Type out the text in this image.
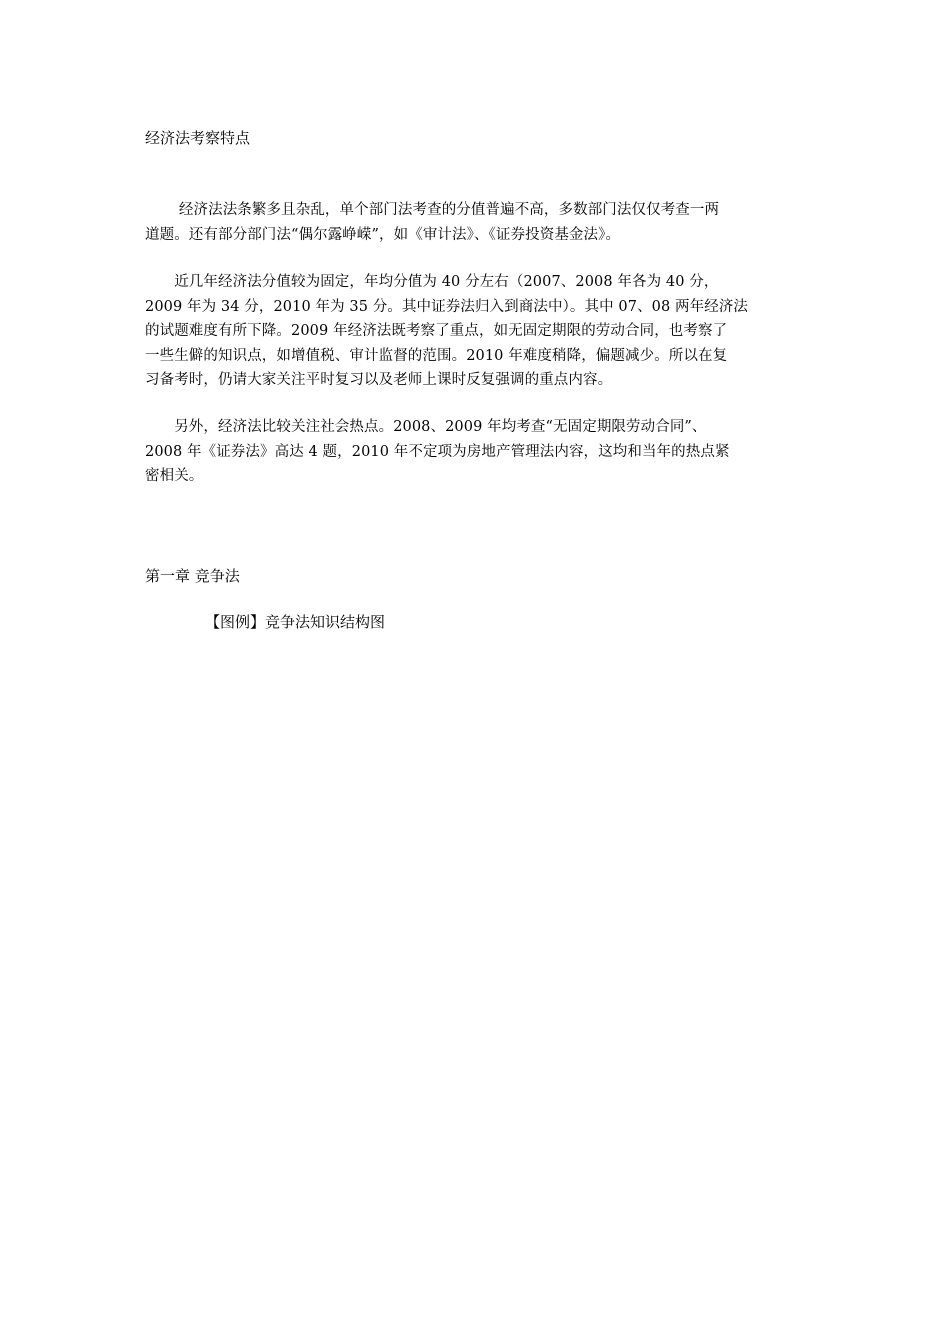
经济法考察特点

　　 经济法法条繁多且杂乱，单个部门法考查的分值普遍不高，多数部门法仅仅考查一两
道题。还有部分部门法“偶尔露峥嵘”，如《审计法》、《证券投资基金法》。

　　近几年经济法分值较为固定，年均分值为 40 分左右（2007、2008 年各为 40 分，
2009 年为 34 分，2010 年为 35 分。其中证券法归入到商法中）。其中 07、08 两年经济法
的试题难度有所下降。2009 年经济法既考察了重点，如无固定期限的劳动合同，也考察了
一些生僻的知识点，如增值税、审计监督的范围。2010 年难度稍降，偏题减少。所以在复
习备考时，仍请大家关注平时复习以及老师上课时反复强调的重点内容。

　　另外，经济法比较关注社会热点。2008、2009 年均考查“无固定期限劳动合同”、
2008 年《证券法》高达 4 题，2010 年不定项为房地产管理法内容，这均和当年的热点紧
密相关。

第一章 竞争法
【图例】竞争法知识结构图
